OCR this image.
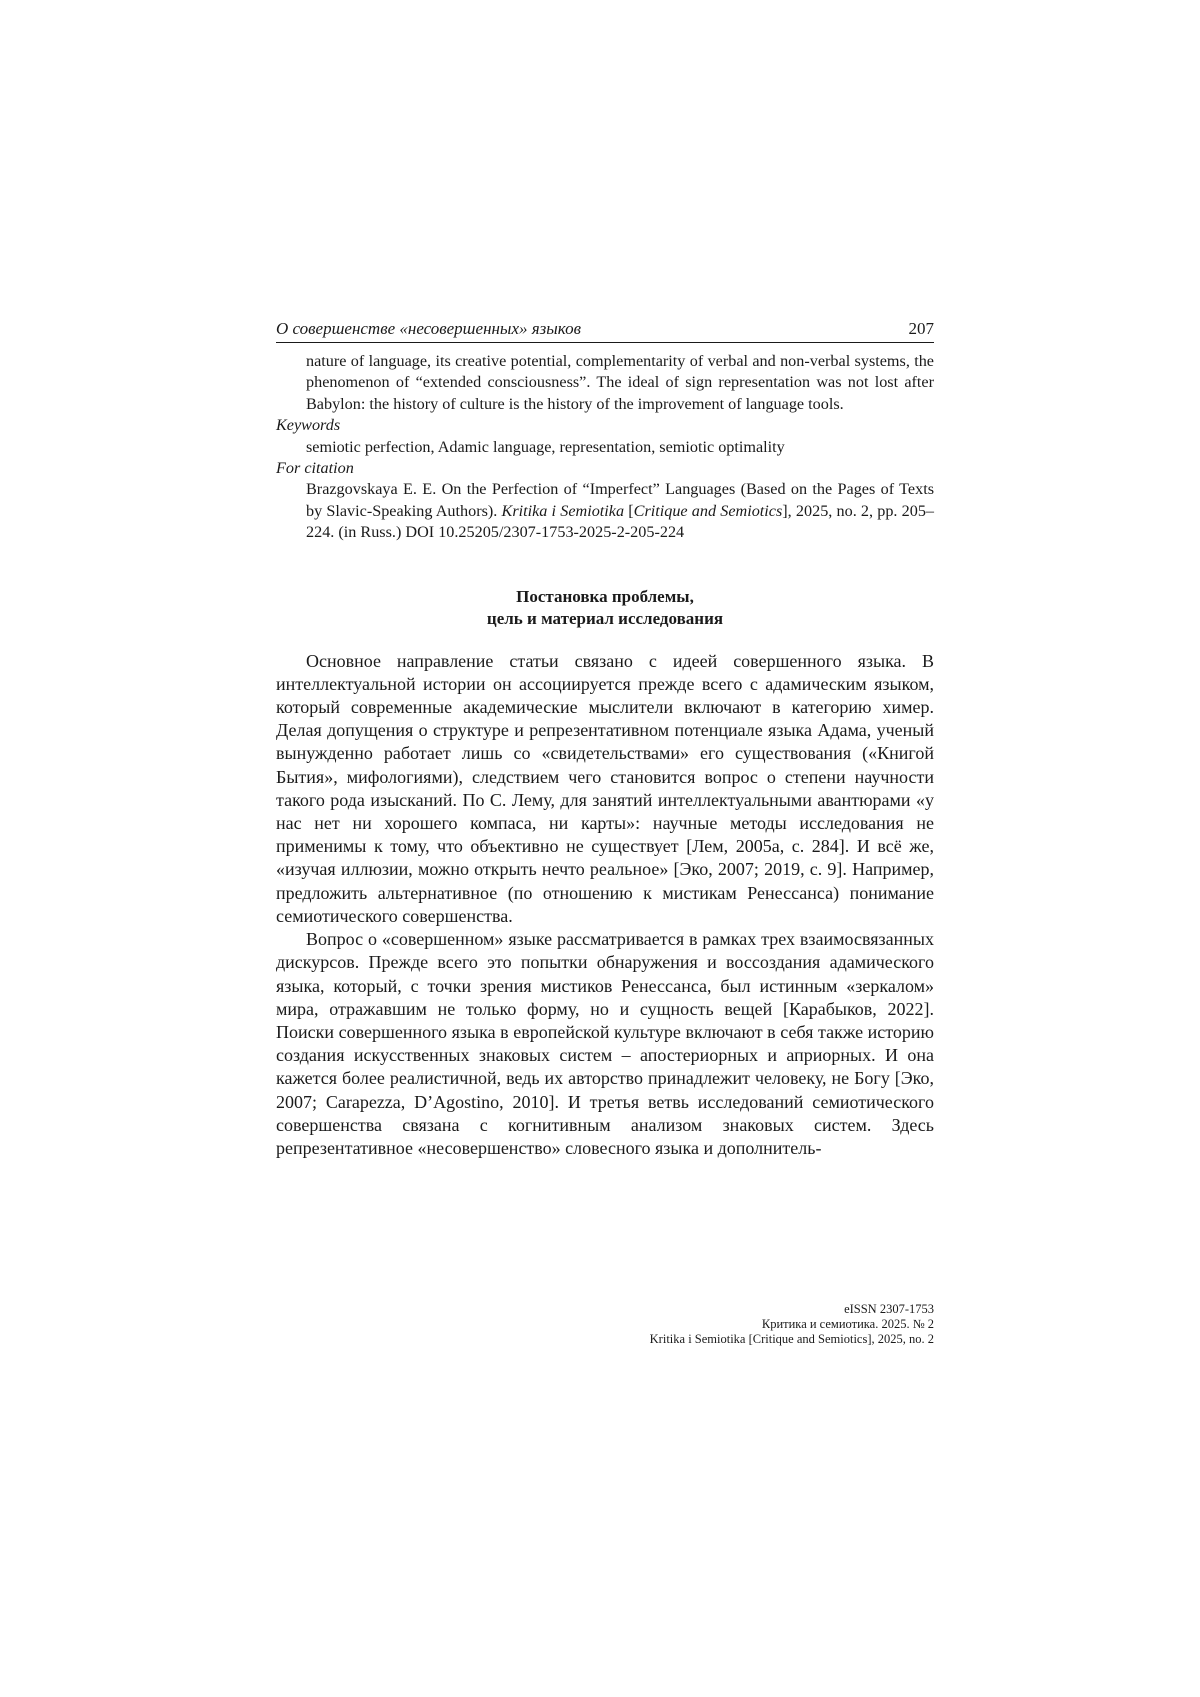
О совершенстве «несовершенных» языков	207
nature of language, its creative potential, complementarity of verbal and non-verbal systems, the phenomenon of “extended consciousness”. The ideal of sign representation was not lost after Babylon: the history of culture is the history of the improvement of language tools.
Keywords
semiotic perfection, Adamic language, representation, semiotic optimality
For citation
Brazgovskaya E. E. On the Perfection of “Imperfect” Languages (Based on the Pages of Texts by Slavic-Speaking Authors). Kritika i Semiotika [Critique and Semiotics], 2025, no. 2, pp. 205–224. (in Russ.) DOI 10.25205/2307-1753-2025-2-205-224
Постановка проблемы,
цель и материал исследования

Основное направление статьи связано с идеей совершенного языка. В интеллектуальной истории он ассоциируется прежде всего с адамическим языком, который современные академические мыслители включают в категорию химер. Делая допущения о структуре и репрезентативном потенциале языка Адама, ученый вынужденно работает лишь со «свидетельствами» его существования («Книгой Бытия», мифологиями), следствием чего становится вопрос о степени научности такого рода изысканий. По С. Лему, для занятий интеллектуальными авантюрами «у нас нет ни хорошего компаса, ни карты»: научные методы исследования не применимы к тому, что объективно не существует [Лем, 2005а, с. 284]. И всё же, «изучая иллюзии, можно открыть нечто реальное» [Эко, 2007; 2019, с. 9]. Например, предложить альтернативное (по отношению к мистикам Ренессанса) понимание семиотического совершенства.

Вопрос о «совершенном» языке рассматривается в рамках трех взаимосвязанных дискурсов. Прежде всего это попытки обнаружения и воссоздания адамического языка, который, с точки зрения мистиков Ренессанса, был истинным «зеркалом» мира, отражавшим не только форму, но и сущность вещей [Карабыков, 2022]. Поиски совершенного языка в европейской культуре включают в себя также историю создания искусственных знаковых систем – апостериорных и априорных. И она кажется более реалистичной, ведь их авторство принадлежит человеку, не Богу [Эко, 2007; Carapezza, D’Agostino, 2010]. И третья ветвь исследований семиотического совершенства связана с когнитивным анализом знаковых систем. Здесь репрезентативное «несовершенство» словесного языка и дополнитель-

eISSN 2307-1753
Критика и семиотика. 2025. № 2
Kritika i Semiotika [Critique and Semiotics], 2025, no. 2
